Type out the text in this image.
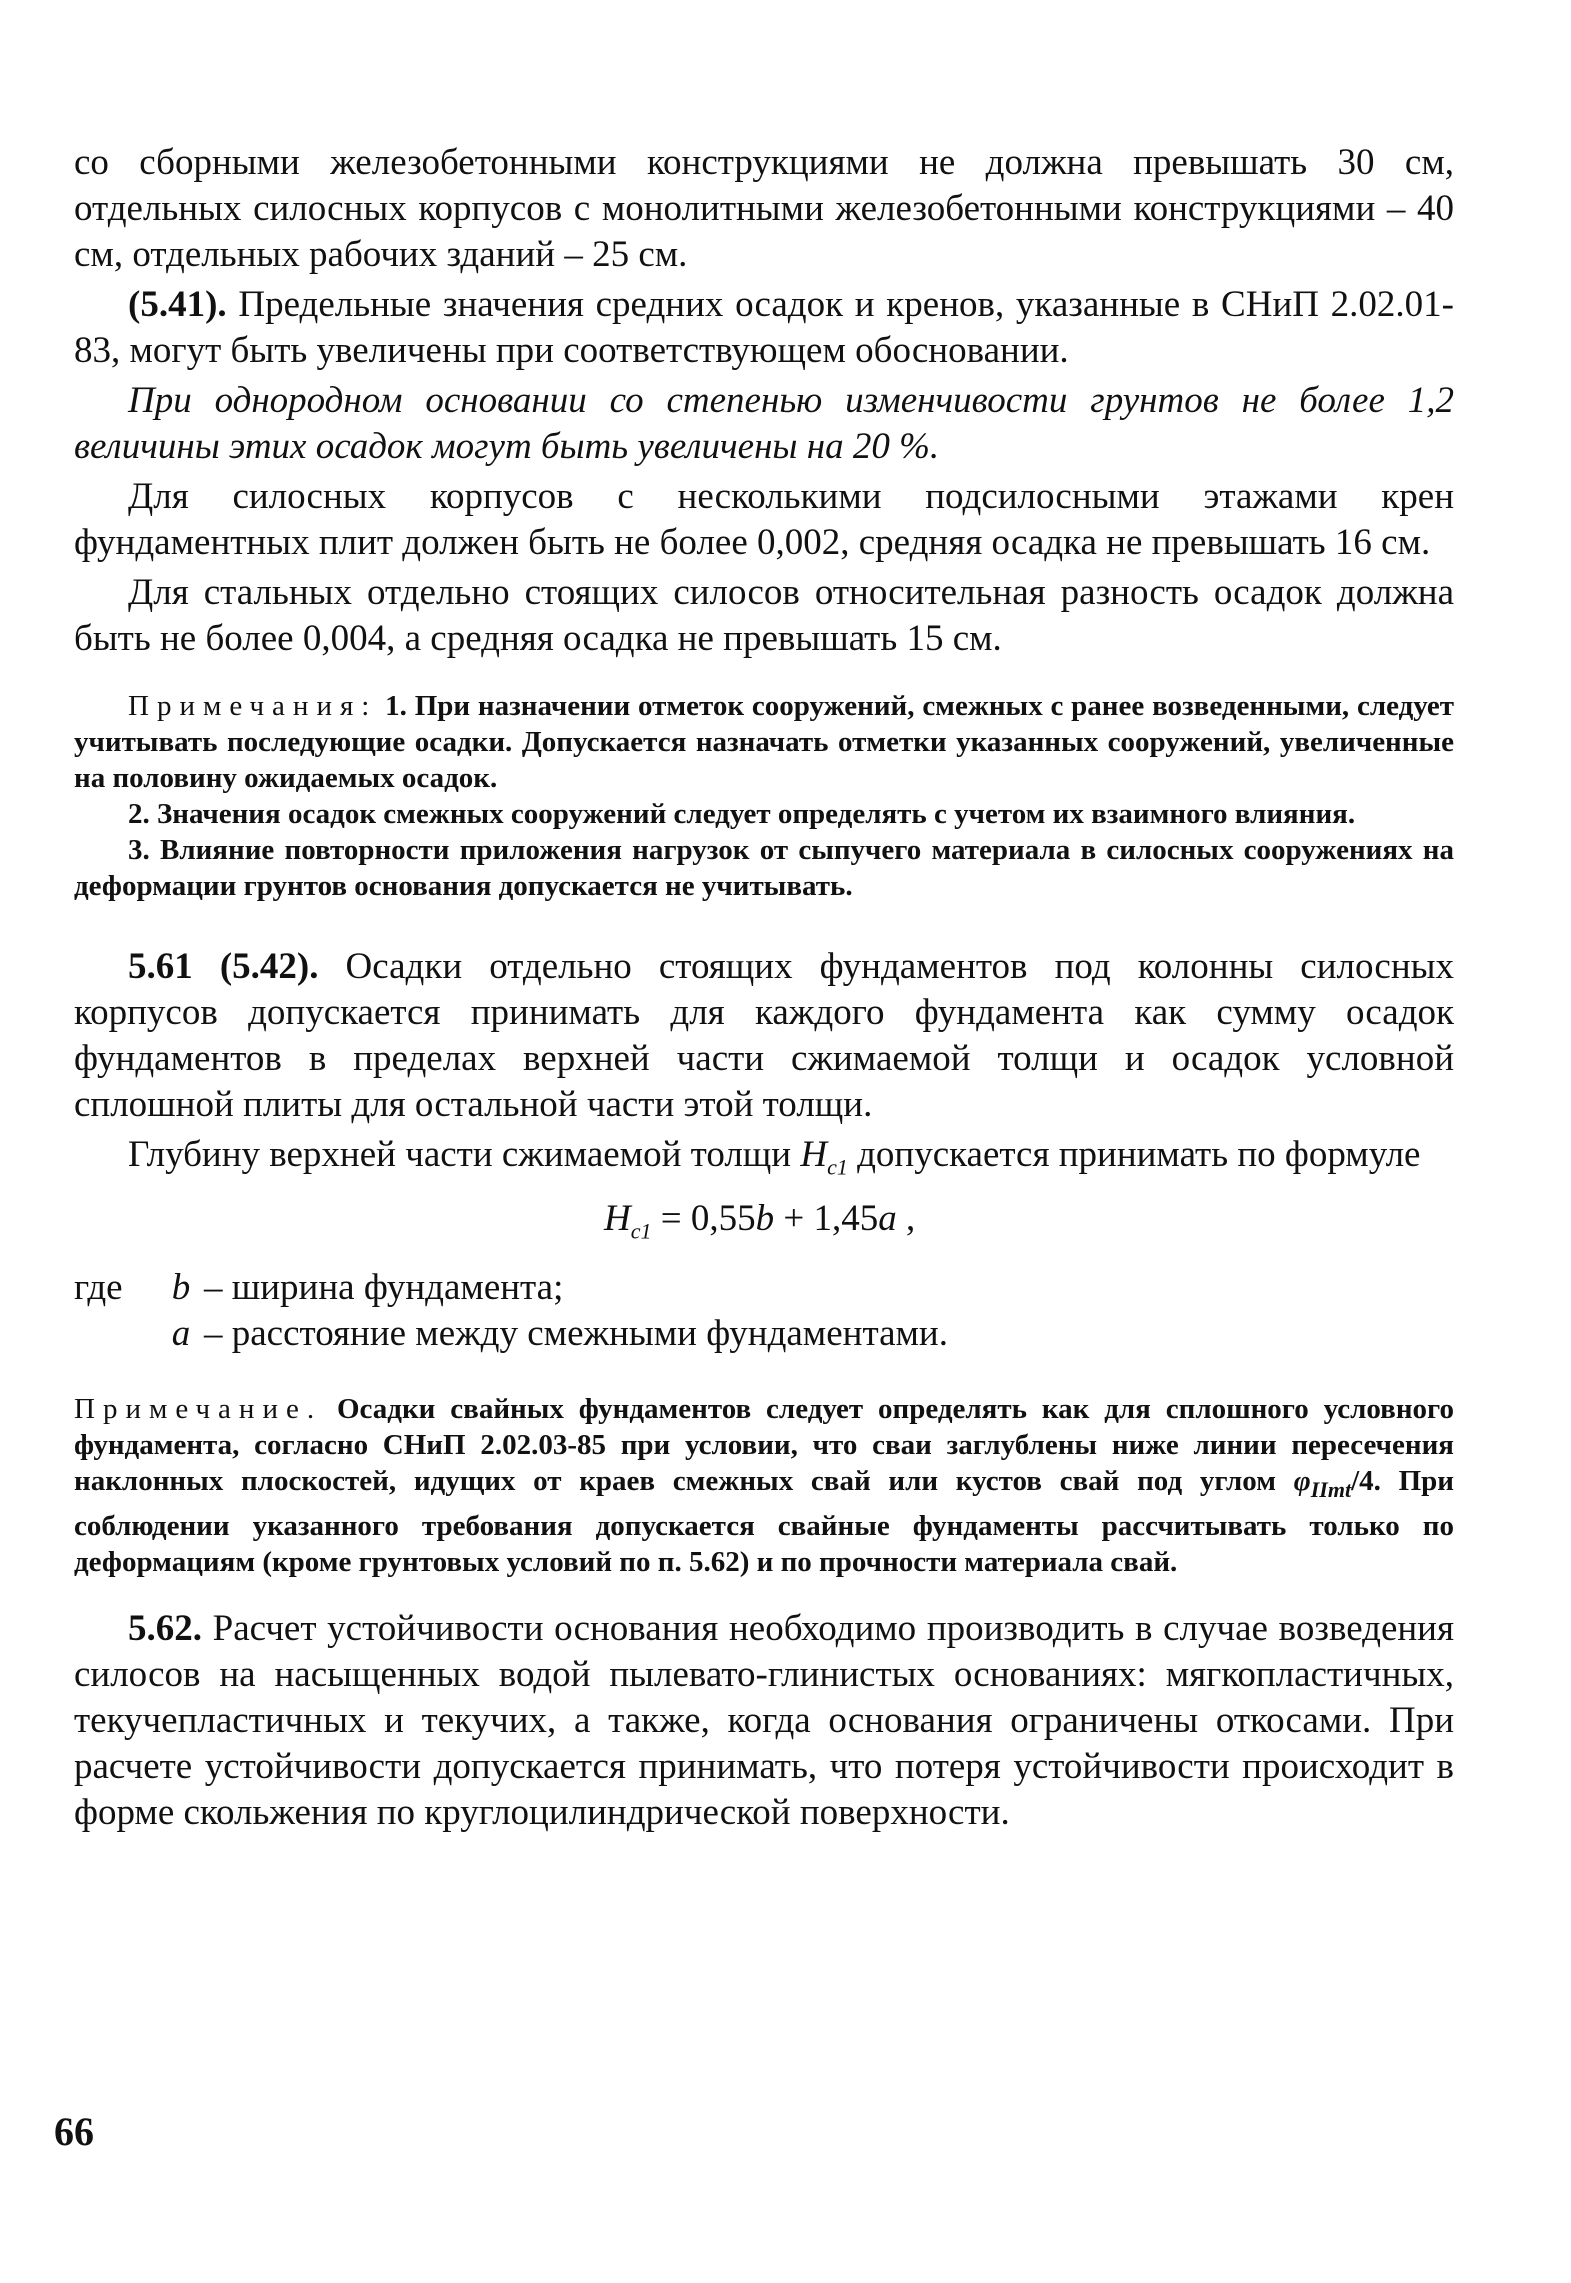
со сборными железобетонными конструкциями не должна превышать 30 см, отдельных силосных корпусов с монолитными железобетонными конструкциями – 40 см, отдельных рабочих зданий – 25 см.

(5.41). Предельные значения средних осадок и кренов, указанные в СНиП 2.02.01-83, могут быть увеличены при соответствующем обосновании.

При однородном основании со степенью изменчивости грунтов не более 1,2 величины этих осадок могут быть увеличены на 20 %.

Для силосных корпусов с несколькими подсилосными этажами крен фундаментных плит должен быть не более 0,002, средняя осадка не превышать 16 см.

Для стальных отдельно стоящих силосов относительная разность осадок должна быть не более 0,004, а средняя осадка не превышать 15 см.

Примечания: 1. При назначении отметок сооружений, смежных с ранее возведенными, следует учитывать последующие осадки. Допускается назначать отметки указанных сооружений, увеличенные на половину ожидаемых осадок.

2. Значения осадок смежных сооружений следует определять с учетом их взаимного влияния.

3. Влияние повторности приложения нагрузок от сыпучего материала в силосных сооружениях на деформации грунтов основания допускается не учитывать.

5.61 (5.42). Осадки отдельно стоящих фундаментов под колонны силосных корпусов допускается принимать для каждого фундамента как сумму осадок фундаментов в пределах верхней части сжимаемой толщи и осадок условной сплошной плиты для остальной части этой толщи.

Глубину верхней части сжимаемой толщи $H_{c1}$ допускается принимать по формуле

$H_{c1} = 0,55b + 1,45a$ ,
где	b – ширина фундамента;
a – расстояние между смежными фундаментами.

Примечание. Осадки свайных фундаментов следует определять как для сплошного условного фундамента, согласно СНиП 2.02.03-85 при условии, что сваи заглублены ниже линии пересечения наклонных плоскостей, идущих от краев смежных свай или кустов свай под углом $\varphi_{IImt}/4$. При соблюдении указанного требования допускается свайные фундаменты рассчитывать только по деформациям (кроме грунтовых условий по п. 5.62) и по прочности материала свай.

5.62. Расчет устойчивости основания необходимо производить в случае возведения силосов на насыщенных водой пылевато-глинистых основаниях: мягкопластичных, текучепластичных и текучих, а также, когда основания ограничены откосами. При расчете устойчивости допускается принимать, что потеря устойчивости происходит в форме скольжения по круглоцилиндрической поверхности.

66
